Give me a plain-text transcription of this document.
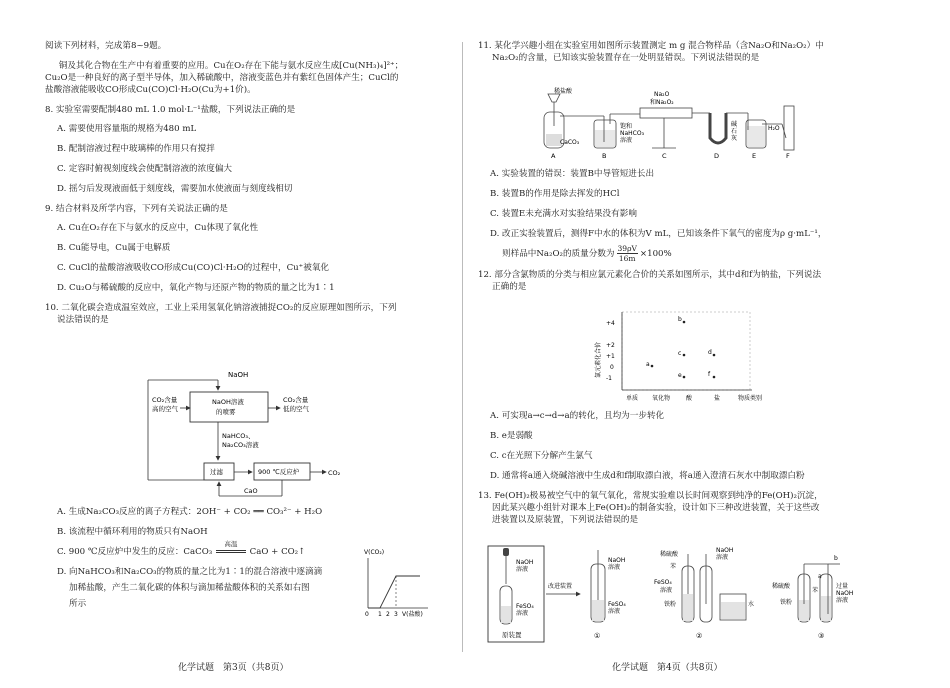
阅读下列材料，完成第8~9题。

铜及其化合物在生产中有着重要的应用。Cu在O₂存在下能与氨水反应生成[Cu(NH₃)₄]²⁺；
Cu₂O是一种良好的离子型半导体，加入稀硫酸中，溶液变蓝色并有紫红色固体产生；CuCl的

盐酸溶液能吸收CO形成Cu(CO)Cl·H₂O(Cu为+1价)。

8. 实验室需要配制480 mL 1.0 mol·L⁻¹盐酸，下列说法正确的是

A. 需要使用容量瓶的规格为480 mL

B. 配制溶液过程中玻璃棒的作用只有搅拌

C. 定容时俯视刻度线会使配制溶液的浓度偏大

D. 摇匀后发现液面低于刻度线，需要加水使液面与刻度线相切

9. 结合材料及所学内容，下列有关说法正确的是

A. Cu在O₂存在下与氨水的反应中，Cu体现了氧化性

B. Cu能导电，Cu属于电解质

C. CuCl的盐酸溶液吸收CO形成Cu(CO)Cl·H₂O的过程中，Cu⁺被氧化

D. Cu₂O与稀硫酸的反应中，氧化产物与还原产物的物质的量之比为1∶1

10. 二氧化碳会造成温室效应，工业上采用氢氧化钠溶液捕捉CO₂的反应原理如图所示，下列
说法错误的是
NaOH
NaOH溶液
的喷雾
CO₂含量
高的空气
CO₂含量
低的空气
NaHCO₃、
Na₂CO₃溶液
过滤	900 ℃反应炉	CO₂
CaO

A. 生成Na₂CO₃反应的离子方程式：2OH⁻ + CO₂ ══ CO₃²⁻ + H₂O

B. 该流程中循环利用的物质只有NaOH

C. 900 ℃反应炉中发生的反应：CaCO₃
高温
CaO + CO₂↑

D. 向NaHCO₃和Na₂CO₃的物质的量之比为1∶1的混合溶液中逐滴滴
加稀盐酸，产生二氧化碳的体积与滴加稀盐酸体积的关系如右图
所示
V(CO₂)
0 1 2 3 V(盐酸)
11. 某化学兴趣小组在实验室用如图所示装置测定 m g 混合物样品（含Na₂O和Na₂O₂）中
Na₂O₂的含量，已知该实验装置存在一处明显错误。下列说法错误的是
稀盐酸
CaCO₃
饱和
NaHCO₃
溶液
Na₂O
和Na₂O₂
碱
石
灰
H₂O
A	B	C	D	E	F

A. 实验装置的错误：装置B中导管短进长出

B. 装置B的作用是除去挥发的HCl

C. 装置E未充满水对实验结果没有影响

D. 改正实验装置后，测得F中水的体积为V mL，已知该条件下氧气的密度为ρ g·mL⁻¹，
则样品中Na₂O₂的质量分数为 $\frac{39\rho V}{16m} \times 100\%$
12. 部分含氯物质的分类与相应氯元素化合价的关系如图所示，其中d和f为钠盐，下列说法
正确的是
氯元素化合价
+4
+2
+1
0
-1
a
b
c	d
e	f
单质 氧化物	酸	盐	物质类别

A. 可实现a→c→d→a的转化，且均为一步转化

B. e是弱酸

C. c在光照下分解产生氯气

D. 通常将a通入烧碱溶液中生成d和f制取漂白液，将a通入澄清石灰水中制取漂白粉

13. Fe(OH)₂极易被空气中的氧气氧化，常规实验难以长时间观察到纯净的Fe(OH)₂沉淀，
因此某兴趣小组针对课本上Fe(OH)₂的制备实验，设计如下三种改进装置，关于这些改
进装置以及原装置，下列说法错误的是
NaOH
溶液
FeSO₄
溶液
原装置
改进装置
NaOH
溶液
FeSO₄
溶液
①
稀硫酸
苯
FeSO₄
溶液
铁粉
NaOH
溶液
水
②
b
a
稀硫酸
铁粉
过量
NaOH
溶液
苯
③
化学试题　第3页（共8页）	化学试题　第4页（共8页）
